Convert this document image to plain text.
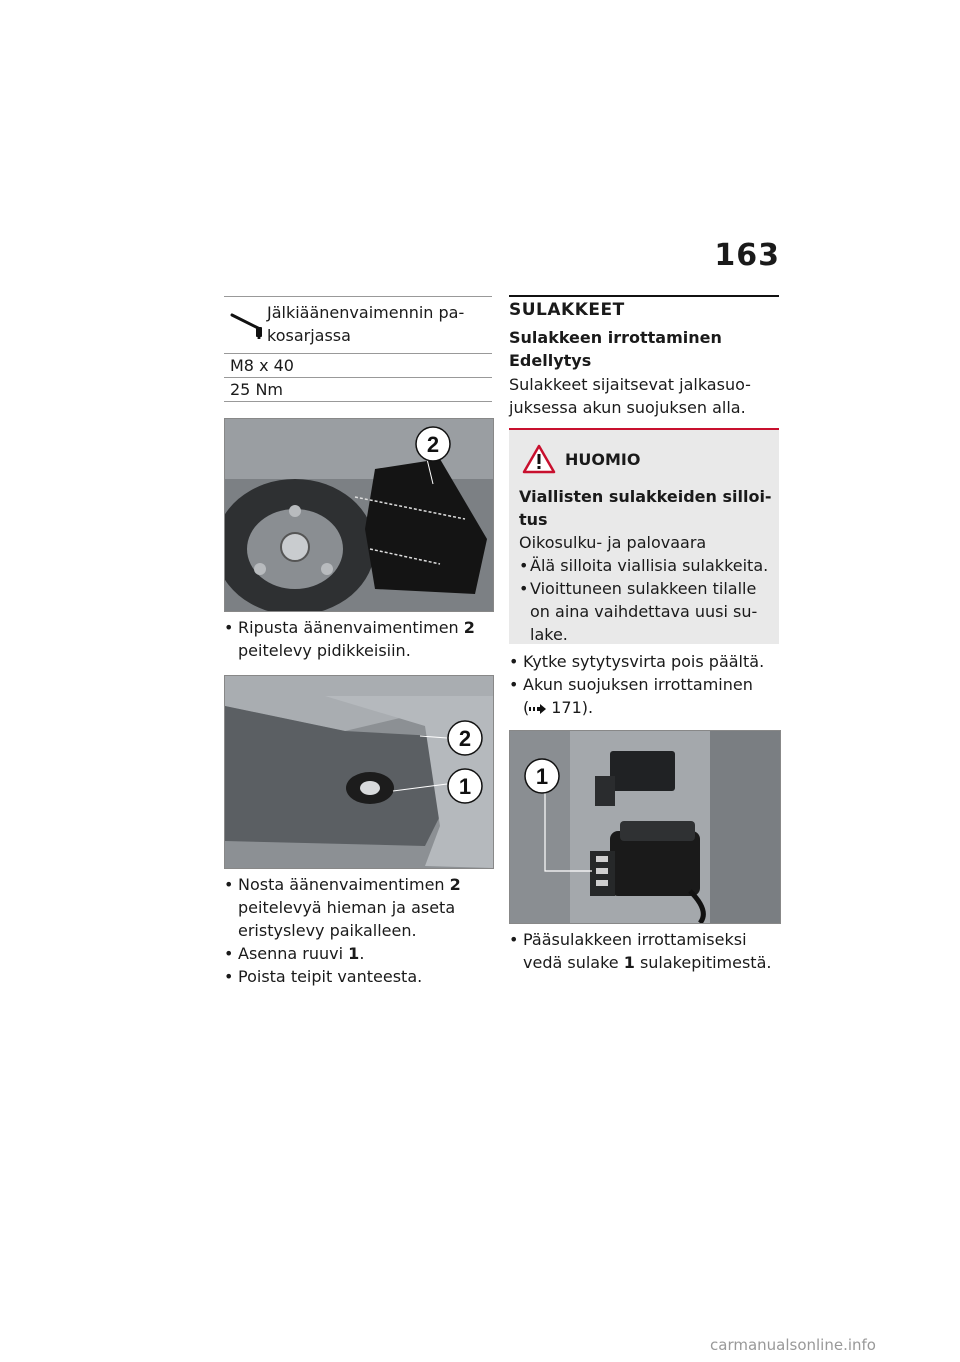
163
Jälkiäänenvaimennin pa-
kosarjassa
M8 x 40
25 Nm
2
• Ripusta äänenvaimentimen 2
peitelevy pidikkeisiin.
2
1
• Nosta äänenvaimentimen 2
peitelevyä hieman ja aseta
eristyslevy paikalleen.
• Asenna ruuvi 1.
• Poista teipit vanteesta.
SULAKKEET
Sulakkeen irrottaminen
Edellytys
Sulakkeet sijaitsevat jalkasuo-
juksessa akun suojuksen alla.
HUOMIO
Viallisten sulakkeiden silloi-
tus
Oikosulku- ja palovaara
• Älä silloita viallisia sulakkeita.
• Vioittuneen sulakkeen tilalle
on aina vaihdettava uusi su-
lake.
• Kytke sytytysvirta pois päältä.
• Akun suojuksen irrottaminen
( 171).
1
• Pääsulakkeen irrottamiseksi
vedä sulake 1 sulakepitimestä.
carmanualsonline.info
